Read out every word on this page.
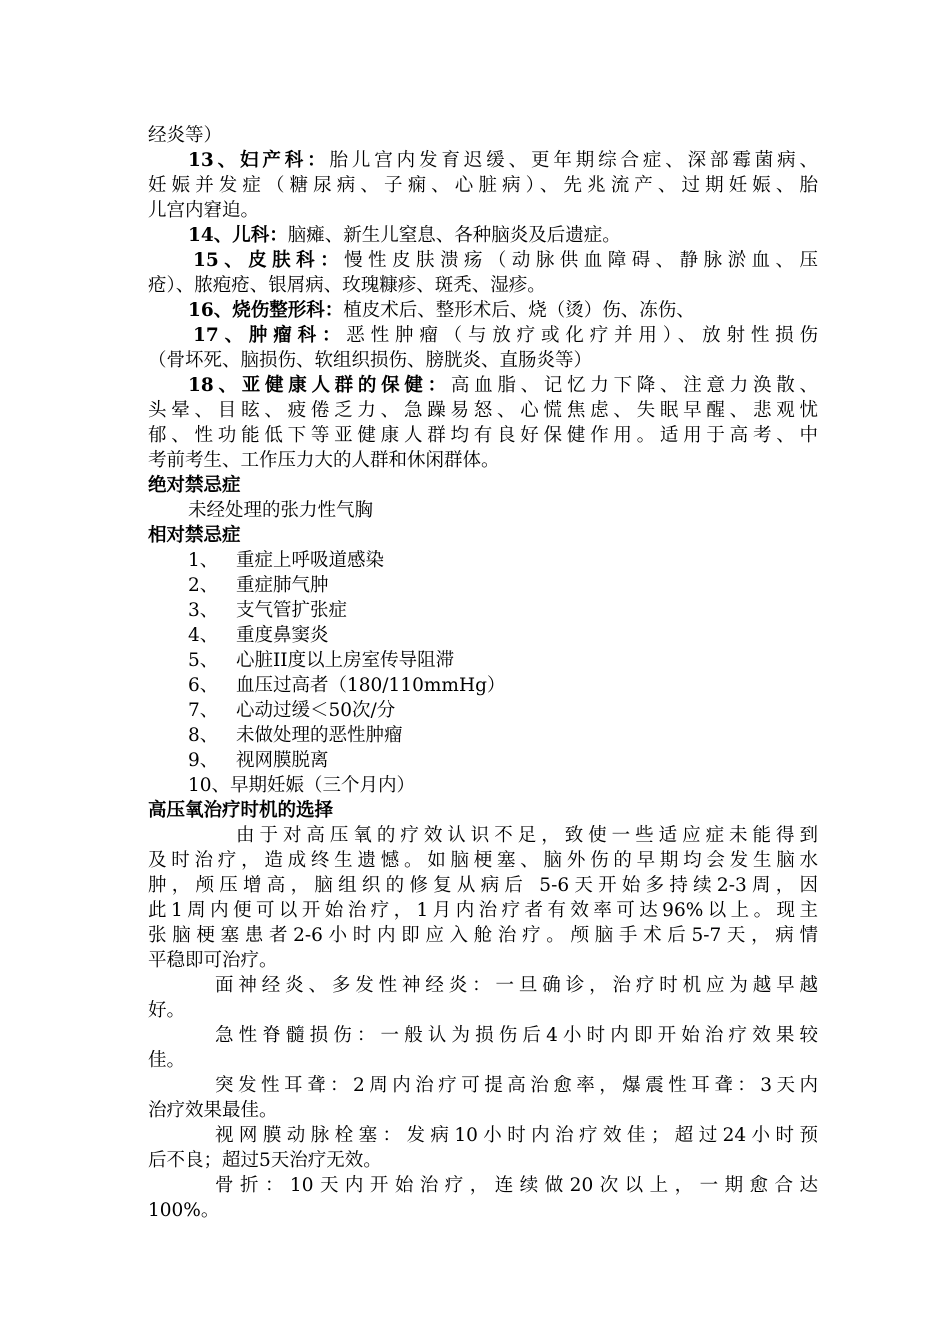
经炎等）
13、妇产科：胎儿宫内发育迟缓、更年期综合症、深部霉菌病、
妊娠并发症（糖尿病、子痫、心脏病）、先兆流产、过期妊娠、胎
儿宫内窘迫。
14、儿科：脑瘫、新生儿窒息、各种脑炎及后遗症。
15、皮肤科：慢性皮肤溃疡（动脉供血障碍、静脉淤血、压
疮）、脓疱疮、银屑病、玫瑰糠疹、斑秃、湿疹。
16、烧伤整形科：植皮术后、整形术后、烧（烫）伤、冻伤、
17、肿瘤科：恶性肿瘤（与放疗或化疗并用）、放射性损伤
（骨坏死、脑损伤、软组织损伤、膀胱炎、直肠炎等）
18、亚健康人群的保健：高血脂、记忆力下降、注意力涣散、
头晕、目眩、疲倦乏力、急躁易怒、心慌焦虑、失眠早醒、悲观忧
郁、性功能低下等亚健康人群均有良好保健作用。适用于高考、中
考前考生、工作压力大的人群和休闲群体。
绝对禁忌症
未经处理的张力性气胸
相对禁忌症
1、 重症上呼吸道感染
2、 重症肺气肿
3、 支气管扩张症
4、 重度鼻窦炎
5、 心脏II度以上房室传导阻滞
6、 血压过高者（180/110mmHg）
7、 心动过缓＜50次/分
8、 未做处理的恶性肿瘤
9、 视网膜脱离
10、早期妊娠（三个月内）
高压氧治疗时机的选择
由于对高压氧的疗效认识不足，致使一些适应症未能得到
及时治疗，造成终生遗憾。如脑梗塞、脑外伤的早期均会发生脑水
肿，颅压增高，脑组织的修复从病后 5-6天开始多持续2-3周，因
此1周内便可以开始治疗，1月内治疗者有效率可达96%以上。现主
张脑梗塞患者2-6小时内即应入舱治疗。颅脑手术后5-7天，病情
平稳即可治疗。
面神经炎、多发性神经炎：一旦确诊，治疗时机应为越早越
好。
急性脊髓损伤：一般认为损伤后4小时内即开始治疗效果较
佳。
突发性耳聋：2周内治疗可提高治愈率，爆震性耳聋：3天内
治疗效果最佳。
视网膜动脉栓塞：发病10小时内治疗效佳；超过24小时预
后不良；超过5天治疗无效。
骨折：10天内开始治疗，连续做20次以上，一期愈合达
100%。
